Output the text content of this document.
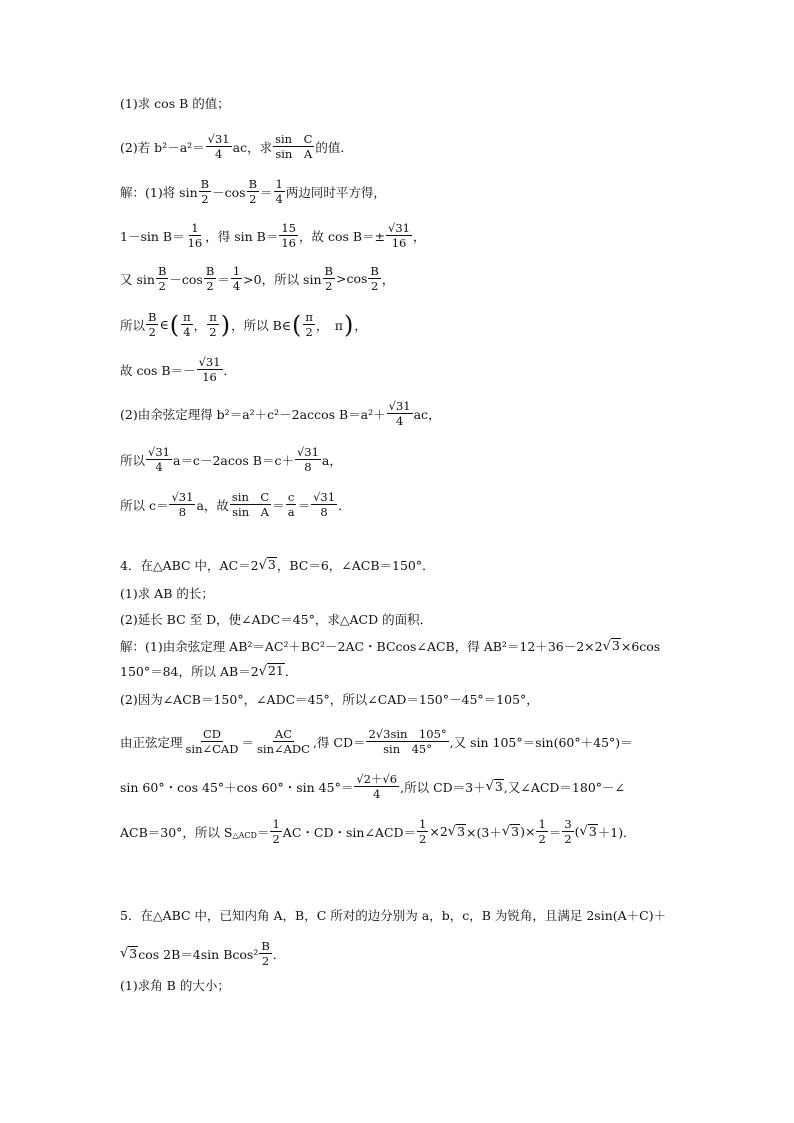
(1)求 cos B 的值；
(2)若 $b^2-a^2= \frac{√31}{4}$ ac，求 $\frac{\text{sin　C}}{\text{sin　A}}$ 的值．
解：(1)将 $\sin \frac{B}{2} -\cos \frac{B}{2} = \frac{1}{4}$ 两边同时平方得，
1－sin $B= \frac{1}{16}$ ，得 $\sin B= \frac{15}{16}$ ，故 $\cos B=\pm \frac{√31}{16}$ ，
又 $\sin \frac{B}{2} -\cos \frac{B}{2} = \frac{1}{4} >0$，所以 $\sin \frac{B}{2} >\cos \frac{B}{2}$ ，
所以 $\frac{B}{2}$ ∈ ( $\frac{\pi}{4}$ ， $\frac{\pi}{2}$ ) ，所以 B∈ ( $\frac{\pi}{2}$ ，　π ) ，
故 $\cos B=- \frac{√31}{16}$ ．
(2)由余弦定理得 b²＝a²＋c²－2accos $B=a^2+ \frac{√31}{4}$ ac，
所以 $\frac{√31}{4} a=c-2acos$ $B=c+ \frac{√31}{8}$ a，
所以 $c= \frac{√31}{8}$ a，故 $\frac{\text{sin　C}}{\text{sin　A}} = \frac{c}{a} = \frac{√31}{8}$ ．
4．在△ABC 中，AC＝2 √ 3 ，BC＝6，∠ACB＝150°．
(1)求 AB 的长；
(2)延长 BC 至 D，使∠ADC＝45°，求△ACD 的面积．
解：(1)由余弦定理 AB²＝AC²＋BC²－2AC・BCcos∠ACB，得 AB²＝12＋36－2×2 √ 3 ×6cos
150°＝84，所以 AB＝2 √ 21 ．
(2)因为∠ACB＝150°，∠ADC＝45°，所以∠CAD＝150°－45°＝105°，
由正弦定理 $\frac{CD}{\text{sin∠CAD}} = \frac{AC}{\text{sin∠ADC}}$ ,得 $CD= \frac{2√3\sin 105^\circ}{\sin 45^\circ}$ ,又 sin 105°＝sin(60°＋45°)＝
sin 60°・cos 45°＋cos 60°・$\sin 45^\circ= \frac{√2+√6}{4}$ ,所以 CD＝3＋ √ 3 ,又∠ACD＝180°－∠
ACB＝30°，所以 S △ACD ＝ $\frac{1}{2}$ AC・CD・sin∠ACD＝ $\frac{1}{2} \times 2$ √ 3 ×(3＋ √ 3 )× $\frac{1}{2} = \frac{3}{2}$ ( √ 3 ＋1)．
5．在△ABC 中，已知内角 A，B，C 所对的边分别为 a，b，c，B 为锐角，且满足 2sin(A＋C)＋
√ 3 cos 2B＝4sin $Bcos^2 \frac{B}{2}$ ．
(1)求角 B 的大小；
